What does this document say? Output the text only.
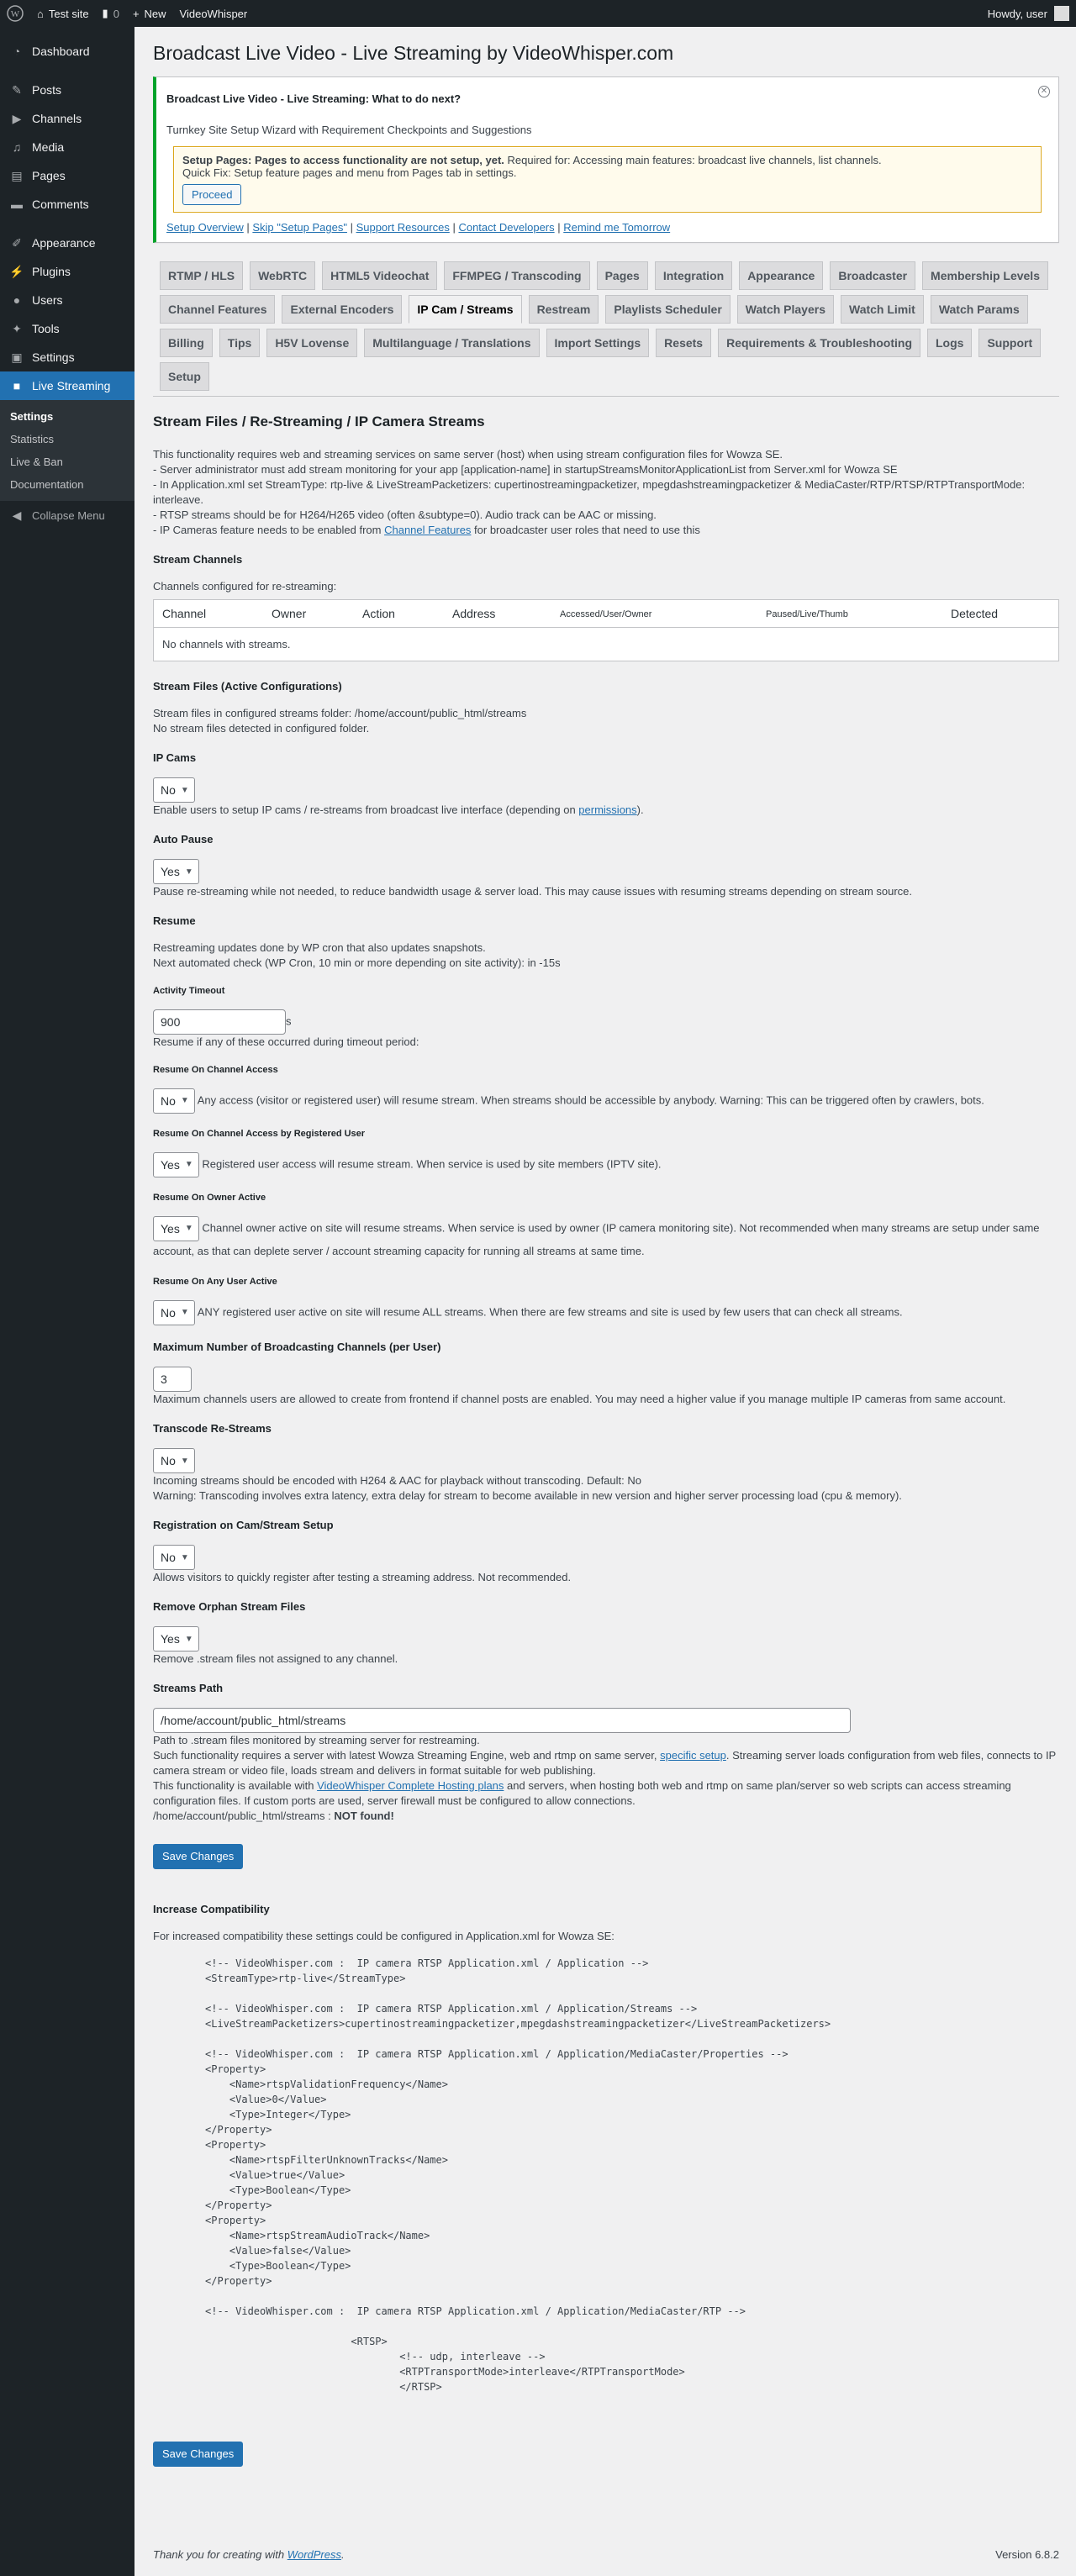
W ⌂ Test site ▮ 0 + New VideoWhisper	Howdy, user
◔ Dashboard
✎ Posts
▶ Channels
♫ Media
▤ Pages
▬ Comments
✐ Appearance
⚡ Plugins
● Users
✦ Tools
▣ Settings
■ Live Streaming
Settings
Statistics
Live & Ban
Documentation
◀ Collapse Menu
Broadcast Live Video - Live Streaming by VideoWhisper.com
✕
Broadcast Live Video - Live Streaming: What to do next?
Turnkey Site Setup Wizard with Requirement Checkpoints and Suggestions
Setup Pages: Pages to access functionality are not setup, yet. Required for: Accessing main features: broadcast live channels, list channels.
Quick Fix: Setup feature pages and menu from Pages tab in settings.
Proceed
Setup Overview | Skip "Setup Pages" | Support Resources | Contact Developers | Remind me Tomorrow
RTMP / HLS	WebRTC	HTML5 Videochat	FFMPEG / Transcoding	Pages	Integration	Appearance	Broadcaster	Membership Levels
Channel Features	External Encoders	IP Cam / Streams	Restream	Playlists Scheduler	Watch Players	Watch Limit	Watch Params
Billing	Tips	H5V Lovense	Multilanguage / Translations	Import Settings	Resets	Requirements & Troubleshooting	Logs	Support
Setup
Stream Files / Re-Streaming / IP Camera Streams

This functionality requires web and streaming services on same server (host) when using stream configuration files for Wowza SE.

- Server administrator must add stream monitoring for your app [application-name] in startupStreamsMonitorApplicationList from Server.xml for Wowza SE

- In Application.xml set StreamType: rtp-live & LiveStreamPacketizers: cupertinostreamingpacketizer, mpegdashstreamingpacketizer & MediaCaster/RTP/RTSP/RTPTransportMode: interleave.

- RTSP streams should be for H264/H265 video (often &subtype=0). Audio track can be AAC or missing.

- IP Cameras feature needs to be enabled from Channel Features for broadcaster user roles that need to use this

Stream Channels

Channels configured for re-streaming:

Channel	Owner	Action	Address	Accessed/User/Owner	Paused/Live/Thumb	Detected
No channels with streams.
Stream Files (Active Configurations)

Stream files in configured streams folder: /home/account/public_html/streams

No stream files detected in configured folder.

IP Cams
No ▼

Enable users to setup IP cams / re-streams from broadcast live interface (depending on permissions).

Auto Pause
Yes ▼

Pause re-streaming while not needed, to reduce bandwidth usage & server load. This may cause issues with resuming streams depending on stream source.

Resume

Restreaming updates done by WP cron that also updates snapshots.

Next automated check (WP Cron, 10 min or more depending on site activity): in -15s

Activity Timeout
900	s

Resume if any of these occurred during timeout period:

Resume On Channel Access

No ▼ Any access (visitor or registered user) will resume stream. When streams should be accessible by anybody. Warning: This can be triggered often by crawlers, bots.

Resume On Channel Access by Registered User

Yes ▼ Registered user access will resume stream. When service is used by site members (IPTV site).

Resume On Owner Active

Yes ▼ Channel owner active on site will resume streams. When service is used by owner (IP camera monitoring site). Not recommended when many streams are setup under same account, as that can deplete server / account streaming capacity for running all streams at same time.

Resume On Any User Active

No ▼ ANY registered user active on site will resume ALL streams. When there are few streams and site is used by few users that can check all streams.

Maximum Number of Broadcasting Channels (per User)
3

Maximum channels users are allowed to create from frontend if channel posts are enabled. You may need a higher value if you manage multiple IP cameras from same account.

Transcode Re-Streams
No ▼

Incoming streams should be encoded with H264 & AAC for playback without transcoding. Default: No

Warning: Transcoding involves extra latency, extra delay for stream to become available in new version and higher server processing load (cpu & memory).

Registration on Cam/Stream Setup
No ▼

Allows visitors to quickly register after testing a streaming address. Not recommended.

Remove Orphan Stream Files
Yes ▼

Remove .stream files not assigned to any channel.

Streams Path
/home/account/public_html/streams

Path to .stream files monitored by streaming server for restreaming.

Such functionality requires a server with latest Wowza Streaming Engine, web and rtmp on same server, specific setup. Streaming server loads configuration from web files, connects to IP camera stream or video file, loads stream and delivers in format suitable for web publishing.

This functionality is available with VideoWhisper Complete Hosting plans and servers, when hosting both web and rtmp on same plan/server so web scripts can access streaming configuration files. If custom ports are used, server firewall must be configured to allow connections.

/home/account/public_html/streams : NOT found!

Save Changes
Increase Compatibility

For increased compatibility these settings could be configured in Application.xml for Wowza SE:

<!-- VideoWhisper.com :  IP camera RTSP Application.xml / Application -->
<StreamType>rtp-live</StreamType>

<!-- VideoWhisper.com :  IP camera RTSP Application.xml / Application/Streams -->
<LiveStreamPacketizers>cupertinostreamingpacketizer,mpegdashstreamingpacketizer</LiveStreamPacketizers>

<!-- VideoWhisper.com :  IP camera RTSP Application.xml / Application/MediaCaster/Properties -->
<Property>
<Name>rtspValidationFrequency</Name>
<Value>0</Value>
<Type>Integer</Type>
</Property>
<Property>
<Name>rtspFilterUnknownTracks</Name>
<Value>true</Value>
<Type>Boolean</Type>
</Property>
<Property>
<Name>rtspStreamAudioTrack</Name>
<Value>false</Value>
<Type>Boolean</Type>
</Property>

<!-- VideoWhisper.com :  IP camera RTSP Application.xml / Application/MediaCaster/RTP -->

<RTSP>
<!-- udp, interleave -->
<RTPTransportMode>interleave</RTPTransportMode>
</RTSP>
Save Changes
Thank you for creating with WordPress.	Version 6.8.2
